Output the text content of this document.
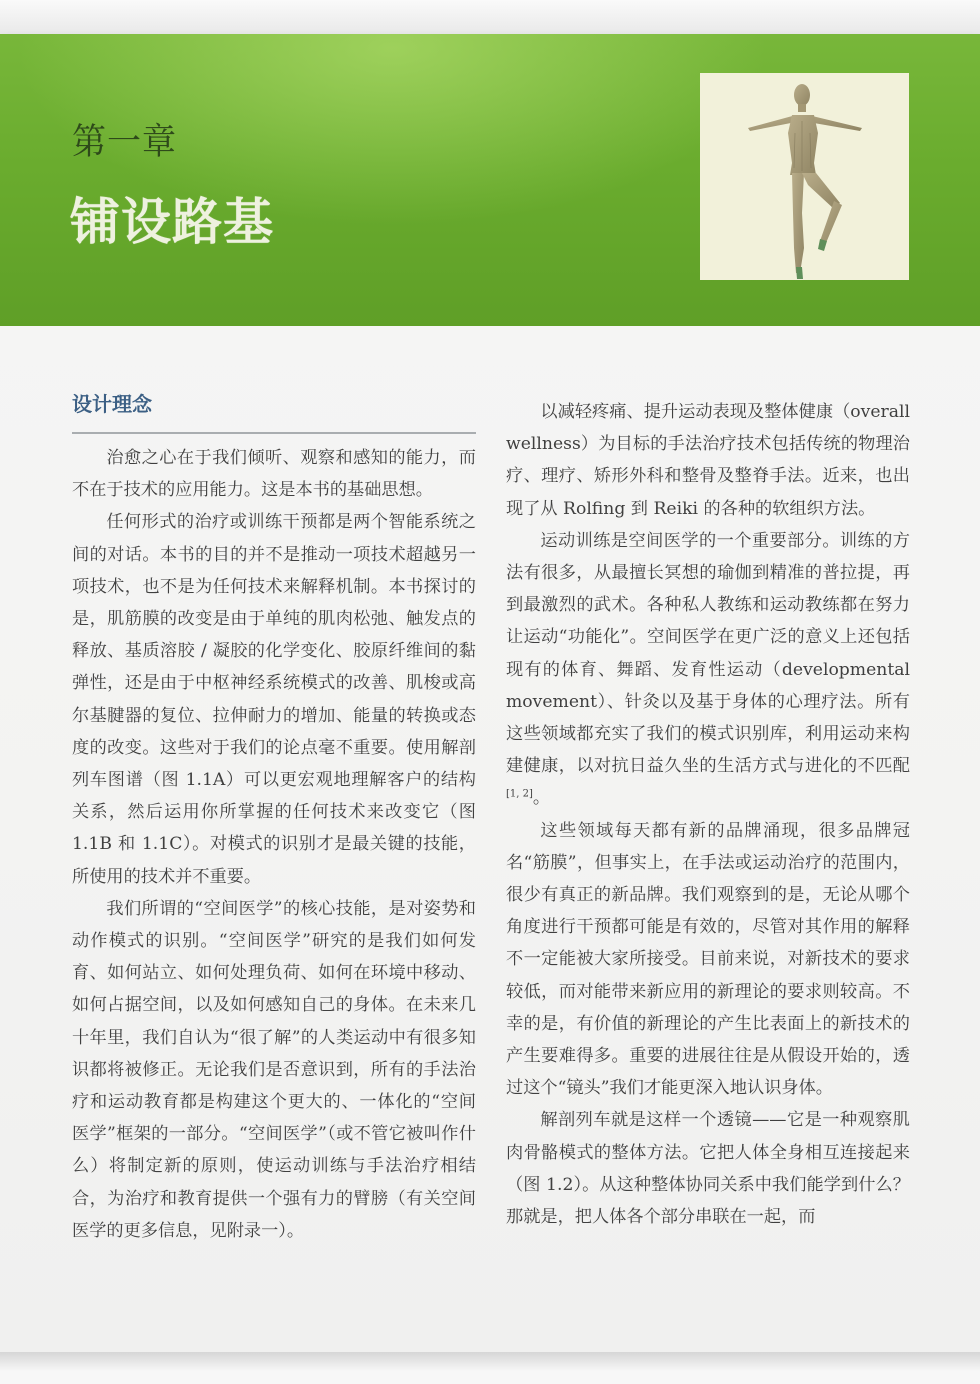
第一章
铺设路基
设计理念

治愈之心在于我们倾听、观察和感知的能力，而不在于技术的应用能力。这是本书的基础思想。

任何形式的治疗或训练干预都是两个智能系统之间的对话。本书的目的并不是推动一项技术超越另一项技术，也不是为任何技术来解释机制。本书探讨的是，肌筋膜的改变是由于单纯的肌肉松弛、触发点的释放、基质溶胶 / 凝胶的化学变化、胶原纤维间的黏弹性，还是由于中枢神经系统模式的改善、肌梭或高尔基腱器的复位、拉伸耐力的增加、能量的转换或态度的改变。这些对于我们的论点毫不重要。使用解剖列车图谱（图 1.1A）可以更宏观地理解客户的结构关系，然后运用你所掌握的任何技术来改变它（图 1.1B 和 1.1C）。对模式的识别才是最关键的技能，所使用的技术并不重要。

我们所谓的“空间医学”的核心技能，是对姿势和动作模式的识别。“空间医学”研究的是我们如何发育、如何站立、如何处理负荷、如何在环境中移动、如何占据空间，以及如何感知自己的身体。在未来几十年里，我们自认为“很了解”的人类运动中有很多知识都将被修正。无论我们是否意识到，所有的手法治疗和运动教育都是构建这个更大的、一体化的“空间医学”框架的一部分。“空间医学”（或不管它被叫作什么）将制定新的原则，使运动训练与手法治疗相结合，为治疗和教育提供一个强有力的臂膀（有关空间医学的更多信息，见附录一）。

以减轻疼痛、提升运动表现及整体健康（overall wellness）为目标的手法治疗技术包括传统的物理治疗、理疗、矫形外科和整骨及整脊手法。近来，也出现了从 Rolfing 到 Reiki 的各种的软组织方法。

运动训练是空间医学的一个重要部分。训练的方法有很多，从最擅长冥想的瑜伽到精准的普拉提，再到最激烈的武术。各种私人教练和运动教练都在努力让运动“功能化”。空间医学在更广泛的意义上还包括现有的体育、舞蹈、发育性运动（developmental movement）、针灸以及基于身体的心理疗法。所有这些领域都充实了我们的模式识别库，利用运动来构建健康，以对抗日益久坐的生活方式与进化的不匹配[1, 2]。

这些领域每天都有新的品牌涌现，很多品牌冠名“筋膜”，但事实上，在手法或运动治疗的范围内，很少有真正的新品牌。我们观察到的是，无论从哪个角度进行干预都可能是有效的，尽管对其作用的解释不一定能被大家所接受。目前来说，对新技术的要求较低，而对能带来新应用的新理论的要求则较高。不幸的是，有价值的新理论的产生比表面上的新技术的产生要难得多。重要的进展往往是从假设开始的，透过这个“镜头”我们才能更深入地认识身体。

解剖列车就是这样一个透镜——它是一种观察肌肉骨骼模式的整体方法。它把人体全身相互连接起来（图 1.2）。从这种整体协同关系中我们能学到什么？那就是，把人体各个部分串联在一起，而
